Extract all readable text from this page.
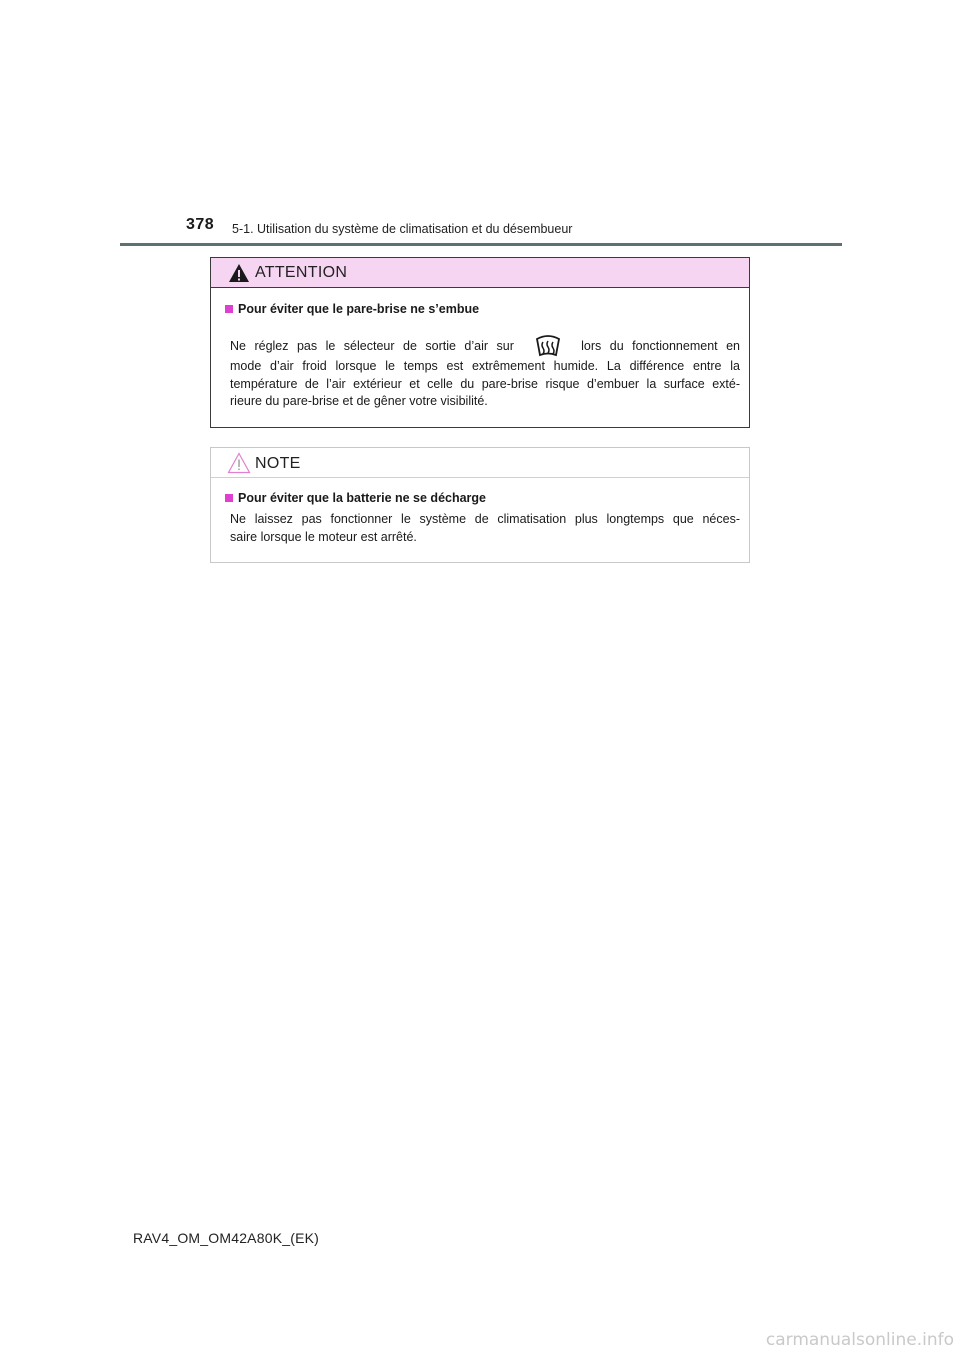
378 5-1. Utilisation du système de climatisation et du désembueur
ATTENTION
Pour éviter que le pare-brise ne s’embue
Ne réglez pas le sélecteur de sortie d’air sur	lors du fonctionnement en
mode d’air froid lorsque le temps est extrêmement humide. La différence entre la
température de l’air extérieur et celle du pare-brise risque d’embuer la surface exté-
rieure du pare-brise et de gêner votre visibilité.
NOTE
Pour éviter que la batterie ne se décharge
Ne laissez pas fonctionner le système de climatisation plus longtemps que néces-
saire lorsque le moteur est arrêté.
RAV4_OM_OM42A80K_(EK)
carmanualsonline.info
